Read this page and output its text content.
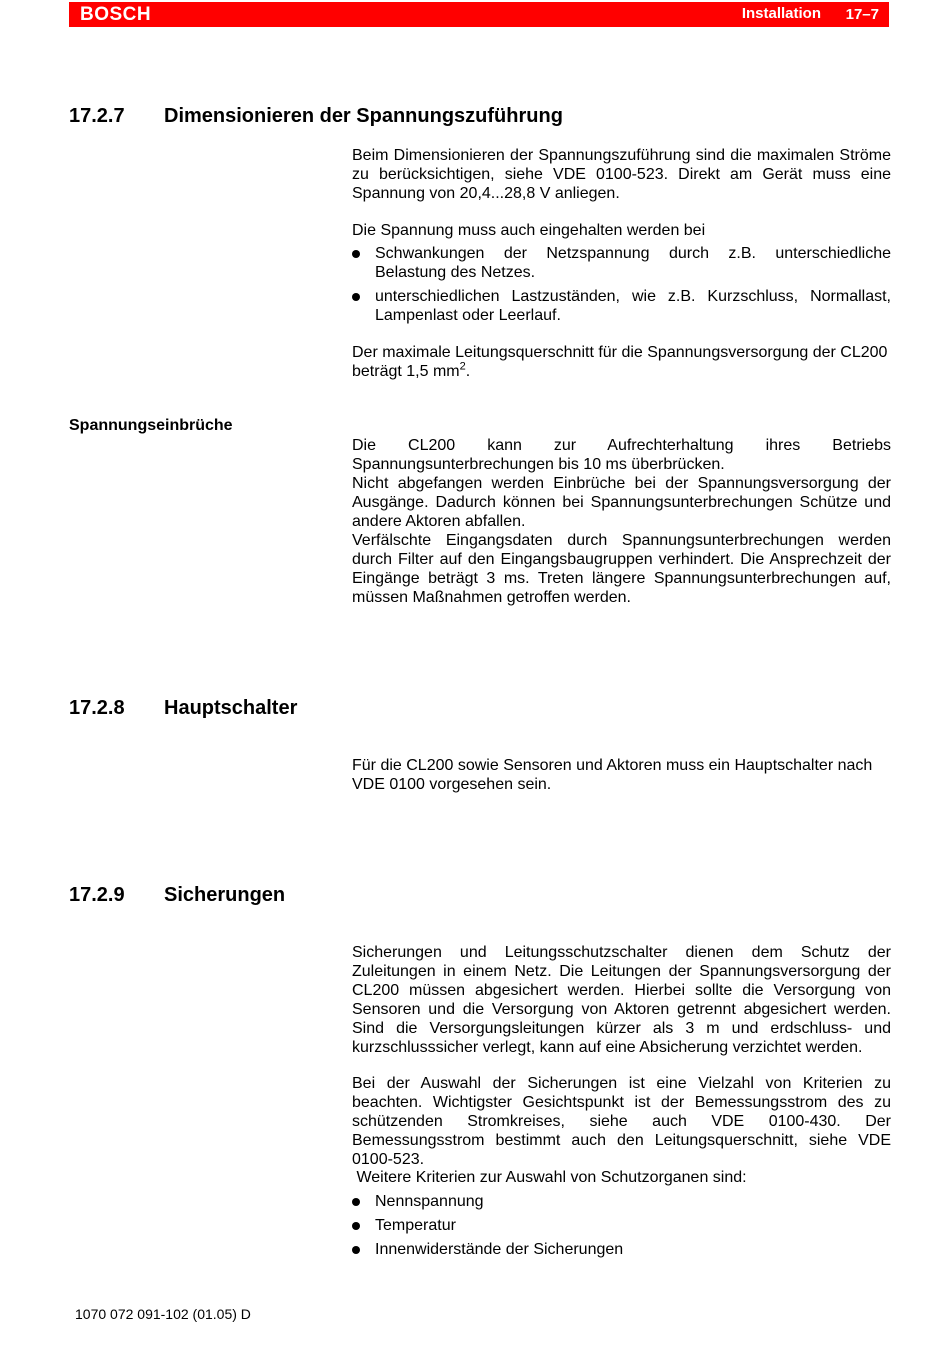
BOSCH	Installation 17–7
17.2.7 Dimensionieren der Spannungszuführung

Beim Dimensionieren der Spannungszuführung sind die maximalen Ströme zu berücksichtigen, siehe VDE 0100-523. Direkt am Gerät muss eine Spannung von 20,4...28,8 V anliegen.

Die Spannung muss auch eingehalten werden bei

Schwankungen der Netzspannung durch z.B. unterschiedliche Belastung des Netzes.
unterschiedlichen Lastzuständen, wie z.B. Kurzschluss, Normallast, Lampenlast oder Leerlauf.

Der maximale Leitungsquerschnitt für die Spannungsversorgung der CL200 beträgt 1,5 $mm^2$.

Spannungseinbrüche
Die CL200 kann zur Aufrechterhaltung ihres Betriebs Spannungsunterbrechungen bis 10 ms überbrücken.
Nicht abgefangen werden Einbrüche bei der Spannungsversorgung der Ausgänge. Dadurch können bei Spannungsunterbrechungen Schütze und andere Aktoren abfallen.
Verfälschte Eingangsdaten durch Spannungsunterbrechungen werden durch Filter auf den Eingangsbaugruppen verhindert. Die Ansprechzeit der Eingänge beträgt 3 ms. Treten längere Spannungsunterbrechungen auf, müssen Maßnahmen getroffen werden.
17.2.8 Hauptschalter

Für die CL200 sowie Sensoren und Aktoren muss ein Hauptschalter nach VDE 0100 vorgesehen sein.

17.2.9 Sicherungen

Sicherungen und Leitungsschutzschalter dienen dem Schutz der Zuleitungen in einem Netz. Die Leitungen der Spannungsversorgung der CL200 müssen abgesichert werden. Hierbei sollte die Versorgung von Sensoren und die Versorgung von Aktoren getrennt abgesichert werden. Sind die Versorgungsleitungen kürzer als 3 m und erdschluss- und kurzschlusssicher verlegt, kann auf eine Absicherung verzichtet werden.

Bei der Auswahl der Sicherungen ist eine Vielzahl von Kriterien zu beachten. Wichtigster Gesichtspunkt ist der Bemessungsstrom des zu schützenden Stromkreises, siehe auch VDE 0100-430. Der Bemessungsstrom bestimmt auch den Leitungsquerschnitt, siehe VDE 0100-523.

Weitere Kriterien zur Auswahl von Schutzorganen sind:

Nennspannung
Temperatur
Innenwiderstände der Sicherungen
1070 072 091-102 (01.05) D
